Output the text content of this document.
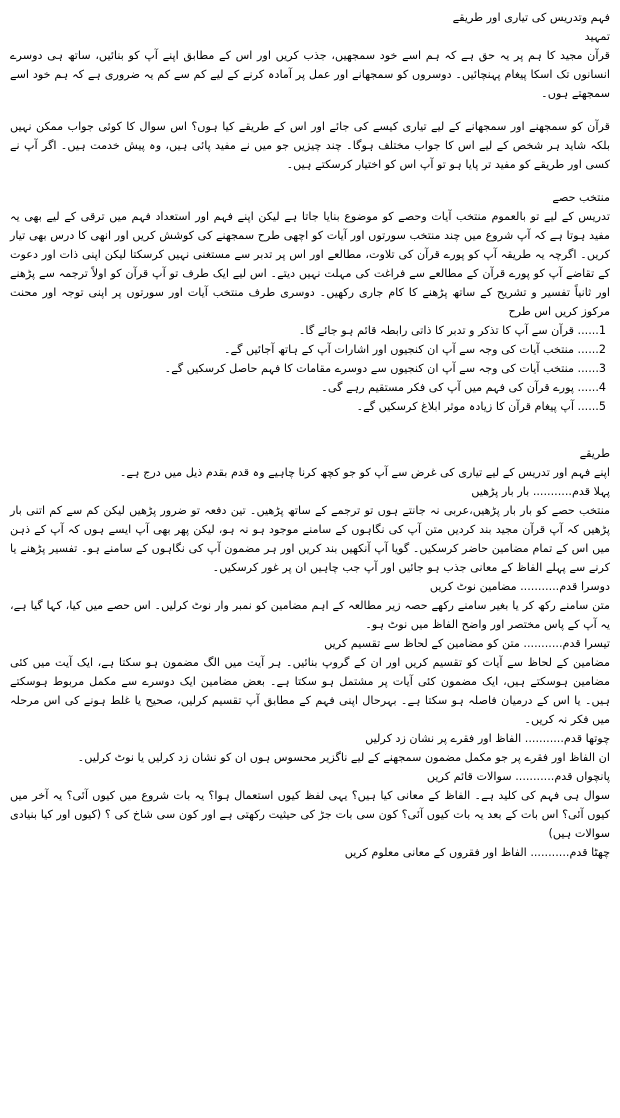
فہم وتدریس کی تیاری اور طریقے

تمہید

قرآن مجید کا ہم پر یہ حق ہے کہ ہم اسے خود سمجھیں، جذب کریں اور اس کے مطابق اپنے آپ کو بنائیں، ساتھ ہی دوسرے انسانوں تک اسکا پیغام پہنچائیں۔ دوسروں کو سمجھانے اور عمل پر آمادہ کرنے کے لیے کم سے کم یہ ضروری ہے کہ ہم خود اسے سمجھتے ہوں۔

قرآن کو سمجھنے اور سمجھانے کے لیے تیاری کیسے کی جائے اور اس کے طریقے کیا ہوں؟ اس سوال کا کوئی جواب ممکن نہیں بلکہ شاید ہر شخص کے لیے اس کا جواب مختلف ہوگا۔ چند چیزیں جو میں نے مفید پائی ہیں، وہ پیش خدمت ہیں۔ اگر آپ نے کسی اور طریقے کو مفید تر پایا ہو تو آپ اس کو اختیار کرسکتے ہیں۔

منتخب حصے

تدریس کے لیے تو بالعموم منتخب آیات وحصے کو موضوع بنایا جاتا ہے لیکن اپنے فہم اور استعداد فہم میں ترقی کے لیے بھی یہ مفید ہوتا ہے کہ آپ شروع میں چند منتخب سورتوں اور آیات کو اچھی طرح سمجھنے کی کوشش کریں اور انھی کا درس بھی تیار کریں۔ اگرچہ یہ طریقہ آپ کو پورے قرآن کی تلاوت، مطالعے اور اس پر تدبر سے مستغنی نہیں کرسکتا لیکن اپنی ذات اور دعوت کے تقاضے آپ کو پورے قرآن کے مطالعے سے فراغت کی مہلت نہیں دیتے۔ اس لیے ایک طرف تو آپ قرآن کو اولاً ترجمہ سے پڑھنے اور ثانیاً تفسیر و تشریح کے ساتھ پڑھنے کا کام جاری رکھیں۔ دوسری طرف منتخب آیات اور سورتوں پر اپنی توجہ اور محنت مرکوز کریں اس طرح

1...... قرآن سے آپ کا تذکر و تدبر کا ذاتی رابطہ قائم ہو جائے گا۔

2...... منتخب آیات کی وجہ سے آپ ان کنجیوں اور اشارات آپ کے ہاتھ آجائیں گے۔

3...... منتخب آیات کی وجہ سے آپ ان کنجیوں سے دوسرے مقامات کا فہم حاصل کرسکیں گے۔

4...... پورے قرآن کی فہم میں آپ کی فکر مستقیم رہے گی۔

5...... آپ پیغام قرآن کا زیادہ موثر ابلاغ کرسکیں گے۔

طریقے

اپنے فہم اور تدریس کے لیے تیاری کی غرض سے آپ کو جو کچھ کرنا چاہیے وہ قدم بقدم ذیل میں درج ہے۔

پہلا قدم........... بار بار پڑھیں

منتخب حصے کو بار بار پڑھیں،عربی نہ جانتے ہوں تو ترجمے کے ساتھ پڑھیں۔ تین دفعہ تو ضرور پڑھیں لیکن کم سے کم اتنی بار پڑھیں کہ آپ قرآن مجید بند کردیں متن آپ کی نگاہوں کے سامنے موجود ہو نہ ہو، لیکن پھر بھی آپ ایسے ہوں کہ آپ کے ذہن میں اس کے تمام مضامین حاضر کرسکیں۔ گویا آپ آنکھیں بند کریں اور ہر مضمون آپ کی نگاہوں کے سامنے ہو۔ تفسیر پڑھنے یا کرنے سے پہلے الفاظ کے معانی جذب ہو جائیں اور آپ جب چاہیں ان پر غور کرسکیں۔

دوسرا قدم........... مضامین نوٹ کریں

متن سامنے رکھ کر یا بغیر سامنے رکھے حصہ زیر مطالعہ کے اہم مضامین کو نمبر وار نوٹ کرلیں۔ اس حصے میں کیا، کہا گیا ہے، یہ آپ کے پاس مختصر اور واضح الفاظ میں نوٹ ہو۔

تیسرا قدم........... متن کو مضامین کے لحاظ سے تقسیم کریں

مضامین کے لحاظ سے آیات کو تقسیم کریں اور ان کے گروپ بنائیں۔ ہر آیت میں الگ مضمون ہو سکتا ہے، ایک آیت میں کئی مضامین ہوسکتے ہیں، ایک مضمون کئی آیات پر مشتمل ہو سکتا ہے۔ بعض مضامین ایک دوسرے سے مکمل مربوط ہوسکتے ہیں۔ یا اس کے درمیان فاصلہ ہو سکتا ہے۔ بہرحال اپنی فہم کے مطابق آپ تقسیم کرلیں، صحیح یا غلط ہونے کی اس مرحلہ میں فکر نہ کریں۔

چوتھا قدم........... الفاظ اور فقرے پر نشان زد کرلیں

ان الفاظ اور فقرے پر جو مکمل مضمون سمجھنے کے لیے ناگزیر محسوس ہوں ان کو نشان زد کرلیں یا نوٹ کرلیں۔

پانچواں قدم........... سوالات قائم کریں

سوال ہی فہم کی کلید ہے۔ الفاظ کے معانی کیا ہیں؟ یہی لفظ کیوں استعمال ہوا؟ یہ بات شروع میں کیوں آئی؟ یہ آخر میں کیوں آئی؟ اس بات کے بعد یہ بات کیوں آئی؟ کون سی بات جڑ کی حیثیت رکھتی ہے اور کون سی شاخ کی ؟ (کیوں اور کیا بنیادی سوالات ہیں)

چھٹا قدم........... الفاظ اور فقروں کے معانی معلوم کریں
